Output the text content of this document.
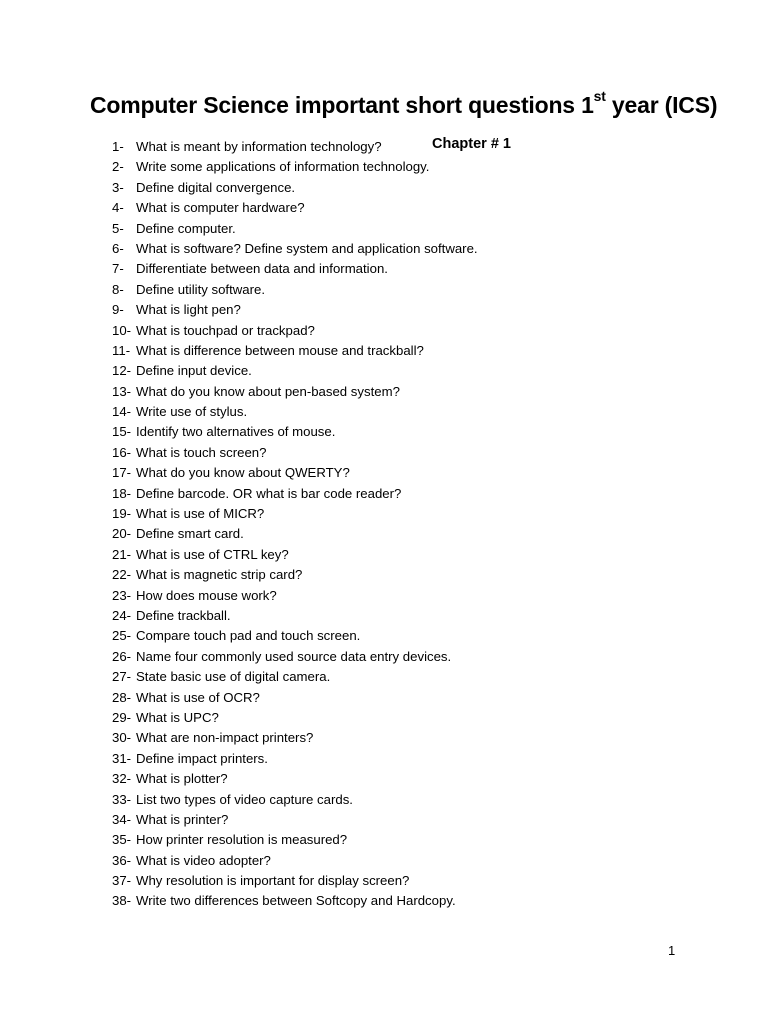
Computer Science important short questions 1st year (ICS)
Chapter # 1
1- What is meant by information technology?
2- Write some applications of information technology.
3- Define digital convergence.
4- What is computer hardware?
5- Define computer.
6- What is software? Define system and application software.
7- Differentiate between data and information.
8- Define utility software.
9- What is light pen?
10- What is touchpad or trackpad?
11- What is difference between mouse and trackball?
12- Define input device.
13- What do you know about pen-based system?
14- Write use of stylus.
15- Identify two alternatives of mouse.
16- What is touch screen?
17- What do you know about QWERTY?
18- Define barcode. OR what is bar code reader?
19- What is use of MICR?
20- Define smart card.
21- What is use of CTRL key?
22- What is magnetic strip card?
23- How does mouse work?
24- Define trackball.
25- Compare touch pad and touch screen.
26- Name four commonly used source data entry devices.
27- State basic use of digital camera.
28- What is use of OCR?
29- What is UPC?
30- What are non-impact printers?
31- Define impact printers.
32- What is plotter?
33- List two types of video capture cards.
34- What is printer?
35- How printer resolution is measured?
36- What is video adopter?
37- Why resolution is important for display screen?
38- Write two differences between Softcopy and Hardcopy.
1
